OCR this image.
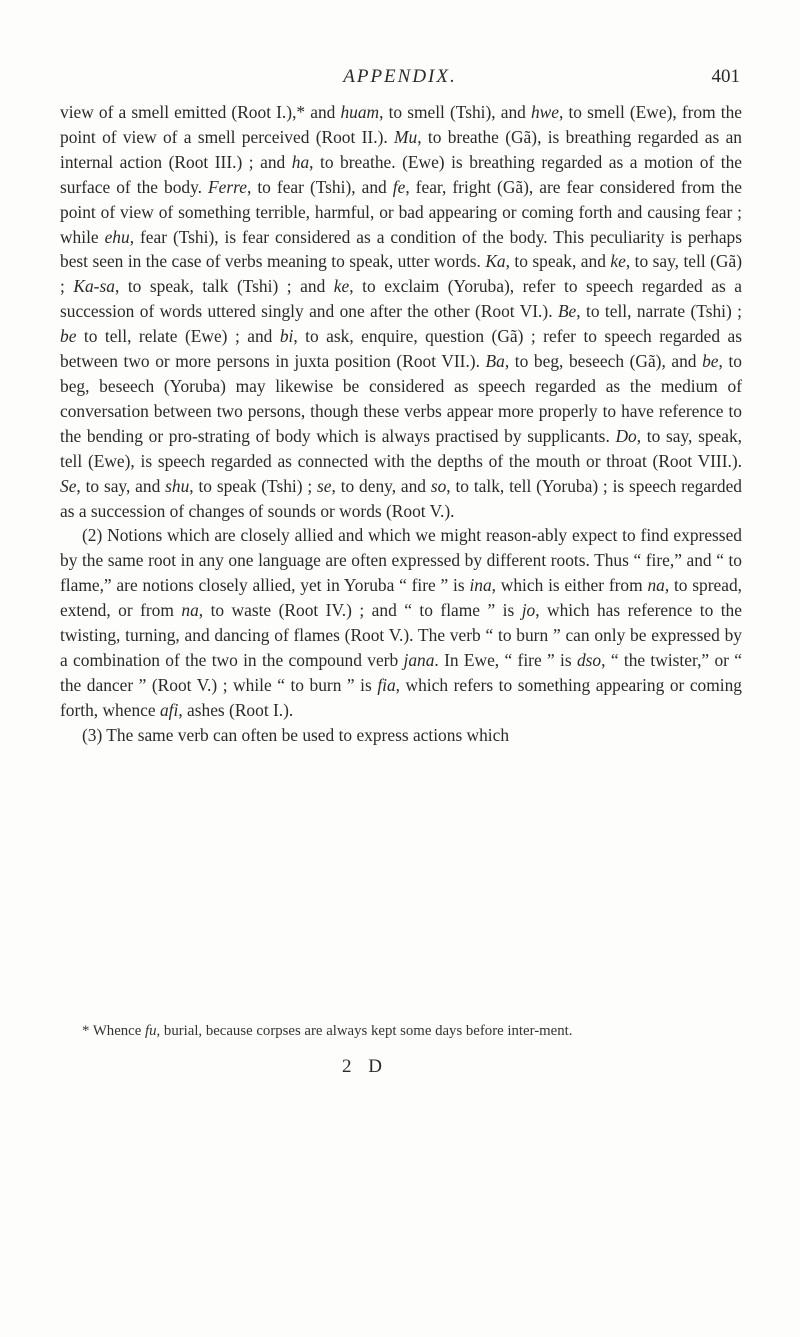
APPENDIX.	401

view of a smell emitted (Root I.),* and huam, to smell (Tshi), and hwe, to smell (Ewe), from the point of view of a smell perceived (Root II.). Mu, to breathe (Gã), is breathing regarded as an internal action (Root III.) ; and ha, to breathe. (Ewe) is breathing regarded as a motion of the surface of the body. Ferre, to fear (Tshi), and fe, fear, fright (Gã), are fear considered from the point of view of something terrible, harmful, or bad appearing or coming forth and causing fear ; while ehu, fear (Tshi), is fear considered as a condition of the body. This peculiarity is perhaps best seen in the case of verbs meaning to speak, utter words. Ka, to speak, and ke, to say, tell (Gã) ; Ka-sa, to speak, talk (Tshi) ; and ke, to exclaim (Yoruba), refer to speech regarded as a succession of words uttered singly and one after the other (Root VI.). Be, to tell, narrate (Tshi) ; be to tell, relate (Ewe) ; and bi, to ask, enquire, question (Gã) ; refer to speech regarded as between two or more persons in juxta position (Root VII.). Ba, to beg, beseech (Gã), and be, to beg, beseech (Yoruba) may likewise be considered as speech regarded as the medium of conversation between two persons, though these verbs appear more properly to have reference to the bending or pro-strating of body which is always practised by supplicants. Do, to say, speak, tell (Ewe), is speech regarded as connected with the depths of the mouth or throat (Root VIII.). Se, to say, and shu, to speak (Tshi) ; se, to deny, and so, to talk, tell (Yoruba) ; is speech regarded as a succession of changes of sounds or words (Root V.).

(2) Notions which are closely allied and which we might reason-ably expect to find expressed by the same root in any one language are often expressed by different roots. Thus “ fire,” and “ to flame,” are notions closely allied, yet in Yoruba “ fire ” is ina, which is either from na, to spread, extend, or from na, to waste (Root IV.) ; and “ to flame ” is jo, which has reference to the twisting, turning, and dancing of flames (Root V.). The verb “ to burn ” can only be expressed by a combination of the two in the compound verb jana. In Ewe, “ fire ” is dso, “ the twister,” or “ the dancer ” (Root V.) ; while “ to burn ” is fia, which refers to something appearing or coming forth, whence afi, ashes (Root I.).

(3) The same verb can often be used to express actions which

* Whence fu, burial, because corpses are always kept some days before inter-ment.
2 D
